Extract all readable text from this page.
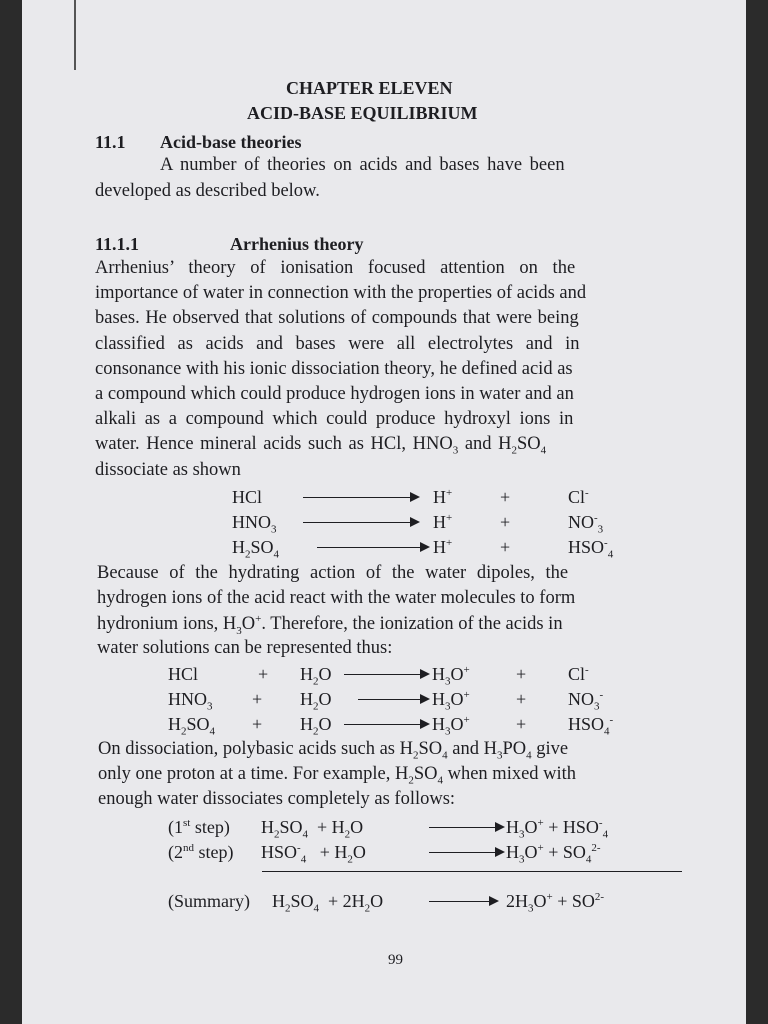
CHAPTER ELEVEN
ACID-BASE EQUILIBRIUM
11.1 Acid-base theories
A number of theories on acids and bases have been
developed as described below.
11.1.1	Arrhenius theory
Arrhenius’ theory of ionisation focused attention on the
importance of water in connection with the properties of acids and
bases. He observed that solutions of compounds that were being
classified as acids and bases were all electrolytes and in
consonance with his ionic dissociation theory, he defined acid as
a compound which could produce hydrogen ions in water and an
alkali as a compound which could produce hydroxyl ions in
water. Hence mineral acids such as HCl, $HNO_3$ and $H_2SO_4$
dissociate as shown
HCl	H+	+	Cl-
$HNO_3$	H+	+	$NO^-_3$
$H_2SO_4$	H+	+	$HSO^-_4$
Because of the hydrating action of the water dipoles, the
hydrogen ions of the acid react with the water molecules to form
hydronium ions, $H_3O^+$. Therefore, the ionization of the acids in
water solutions can be represented thus:
HCl	+ $H_2O$	$H_3O^+$	+ Cl-
$HNO_3 + H_2O$	$H_3O^+$	+ $NO_3^-$
$H_2SO_4 + H_2O$	$H_3O^+$	+ $HSO_4^-$
On dissociation, polybasic acids such as $H_2SO_4$ and $H_3PO_4$ give
only one proton at a time. For example, $H_2SO_4$ when mixed with
enough water dissociates completely as follows:
(1st step) $H_2SO_4 + H_2O$	$H_3O^+ + HSO^-_4$
(2nd step) $HSO^-_4 + H_2O$	$H_3O^+ + SO_4^{2-}$
(Summary) $H_2SO_4 + 2H_2O$	$2H_3O^+ + SO^{2-}$
99
